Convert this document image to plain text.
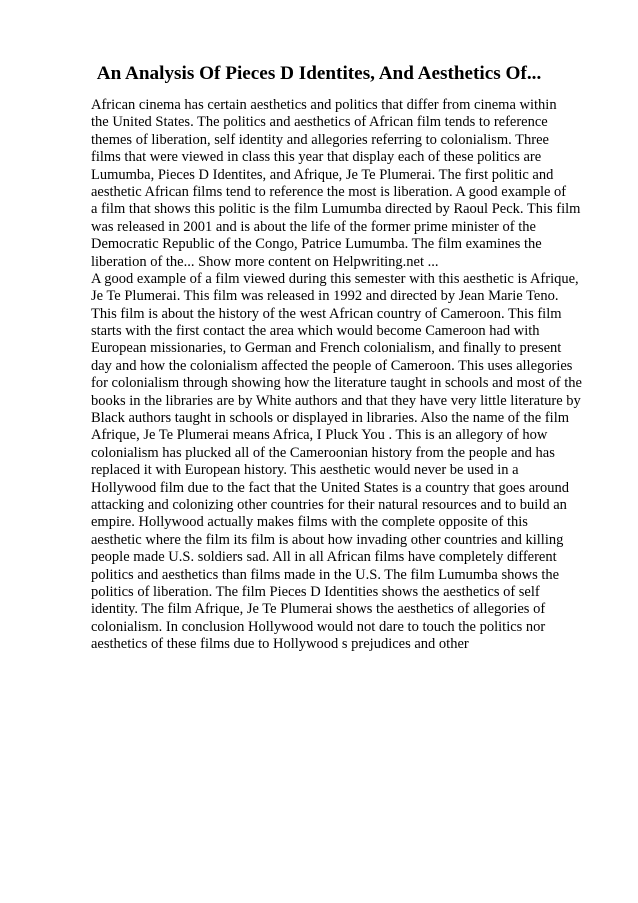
An Analysis Of Pieces D Identites, And Aesthetics Of...
African cinema has certain aesthetics and politics that differ from cinema within
the United States. The politics and aesthetics of African film tends to reference
themes of liberation, self identity and allegories referring to colonialism. Three
films that were viewed in class this year that display each of these politics are
Lumumba, Pieces D Identites, and Afrique, Je Te Plumerai. The first politic and
aesthetic African films tend to reference the most is liberation. A good example of
a film that shows this politic is the film Lumumba directed by Raoul Peck. This film
was released in 2001 and is about the life of the former prime minister of the
Democratic Republic of the Congo, Patrice Lumumba. The film examines the
liberation of the... Show more content on Helpwriting.net ...
A good example of a film viewed during this semester with this aesthetic is Afrique,
Je Te Plumerai. This film was released in 1992 and directed by Jean Marie Teno.
This film is about the history of the west African country of Cameroon. This film
starts with the first contact the area which would become Cameroon had with
European missionaries, to German and French colonialism, and finally to present
day and how the colonialism affected the people of Cameroon. This uses allegories
for colonialism through showing how the literature taught in schools and most of the
books in the libraries are by White authors and that they have very little literature by
Black authors taught in schools or displayed in libraries. Also the name of the film
Afrique, Je Te Plumerai means Africa, I Pluck You . This is an allegory of how
colonialism has plucked all of the Cameroonian history from the people and has
replaced it with European history. This aesthetic would never be used in a
Hollywood film due to the fact that the United States is a country that goes around
attacking and colonizing other countries for their natural resources and to build an
empire. Hollywood actually makes films with the complete opposite of this
aesthetic where the film its film is about how invading other countries and killing
people made U.S. soldiers sad. All in all African films have completely different
politics and aesthetics than films made in the U.S. The film Lumumba shows the
politics of liberation. The film Pieces D Identities shows the aesthetics of self
identity. The film Afrique, Je Te Plumerai shows the aesthetics of allegories of
colonialism. In conclusion Hollywood would not dare to touch the politics nor
aesthetics of these films due to Hollywood s prejudices and other
